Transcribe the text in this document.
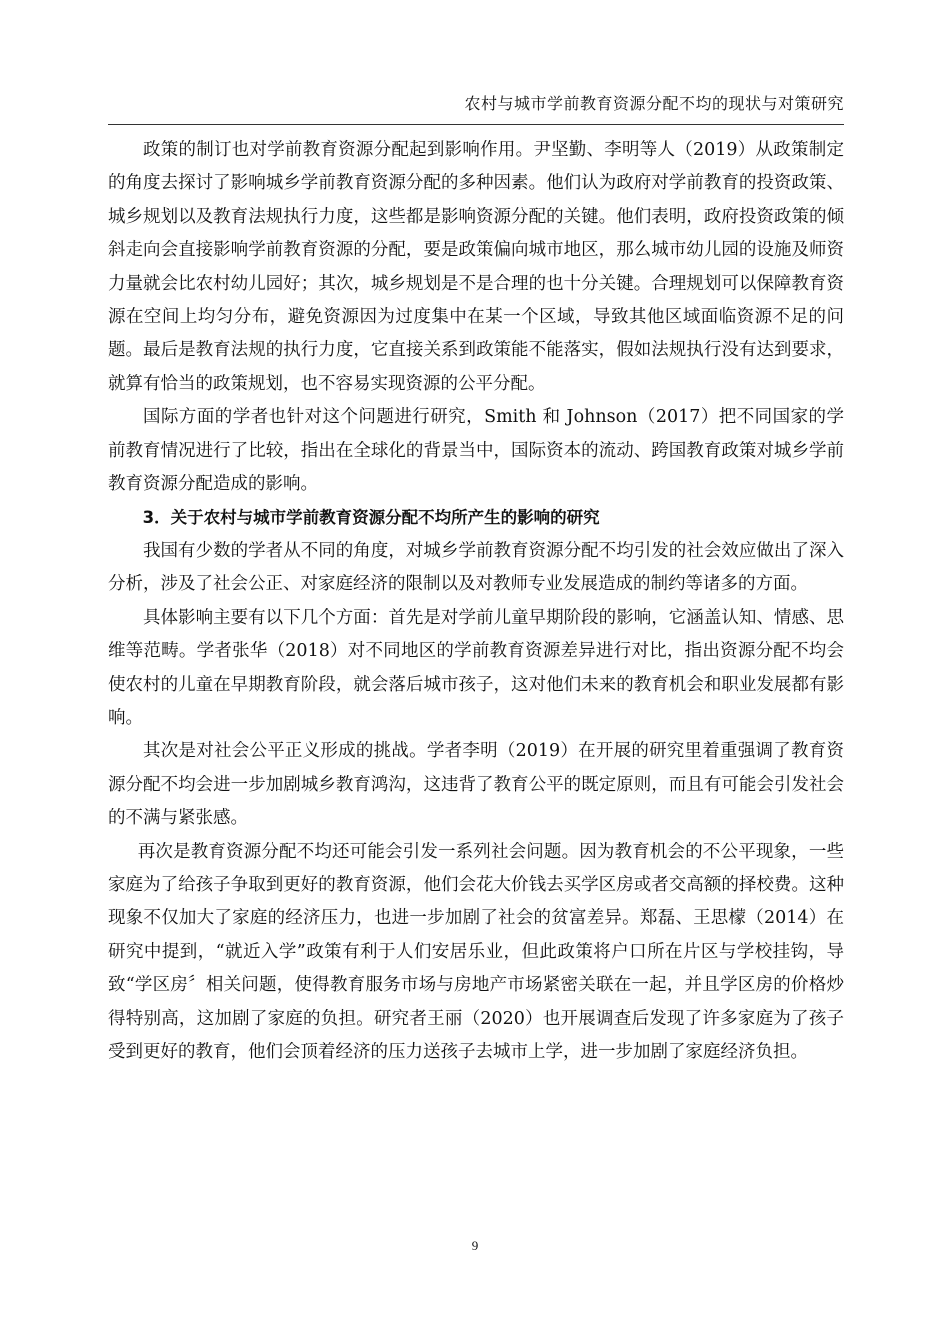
农村与城市学前教育资源分配不均的现状与对策研究

政策的制订也对学前教育资源分配起到影响作用。尹坚勤、李明等人（2019）从政策制定的角度去探讨了影响城乡学前教育资源分配的多种因素。他们认为政府对学前教育的投资政策、城乡规划以及教育法规执行力度，这些都是影响资源分配的关键。他们表明，政府投资政策的倾斜走向会直接影响学前教育资源的分配，要是政策偏向城市地区，那么城市幼儿园的设施及师资力量就会比农村幼儿园好；其次，城乡规划是不是合理的也十分关键。合理规划可以保障教育资源在空间上均匀分布，避免资源因为过度集中在某一个区域，导致其他区域面临资源不足的问题。最后是教育法规的执行力度，它直接关系到政策能不能落实，假如法规执行没有达到要求，就算有恰当的政策规划，也不容易实现资源的公平分配。

国际方面的学者也针对这个问题进行研究，Smith 和 Johnson（2017）把不同国家的学前教育情况进行了比较，指出在全球化的背景当中，国际资本的流动、跨国教育政策对城乡学前教育资源分配造成的影响。

3．关于农村与城市学前教育资源分配不均所产生的影响的研究

我国有少数的学者从不同的角度，对城乡学前教育资源分配不均引发的社会效应做出了深入分析，涉及了社会公正、对家庭经济的限制以及对教师专业发展造成的制约等诸多的方面。

具体影响主要有以下几个方面：首先是对学前儿童早期阶段的影响，它涵盖认知、情感、思维等范畴。学者张华（2018）对不同地区的学前教育资源差异进行对比，指出资源分配不均会使农村的儿童在早期教育阶段，就会落后城市孩子，这对他们未来的教育机会和职业发展都有影响。

其次是对社会公平正义形成的挑战。学者李明（2019）在开展的研究里着重强调了教育资源分配不均会进一步加剧城乡教育鸿沟，这违背了教育公平的既定原则，而且有可能会引发社会的不满与紧张感。

再次是教育资源分配不均还可能会引发一系列社会问题。因为教育机会的不公平现象，一些家庭为了给孩子争取到更好的教育资源，他们会花大价钱去买学区房或者交高额的择校费。这种现象不仅加大了家庭的经济压力，也进一步加剧了社会的贫富差异。郑磊、王思檬（2014）在研究中提到，“就近入学”政策有利于人们安居乐业，但此政策将户口所在片区与学校挂钩，导致“学区房〞相关问题，使得教育服务市场与房地产市场紧密关联在一起，并且学区房的价格炒得特别高，这加剧了家庭的负担。研究者王丽（2020）也开展调查后发现了许多家庭为了孩子受到更好的教育，他们会顶着经济的压力送孩子去城市上学，进一步加剧了家庭经济负担。

9
